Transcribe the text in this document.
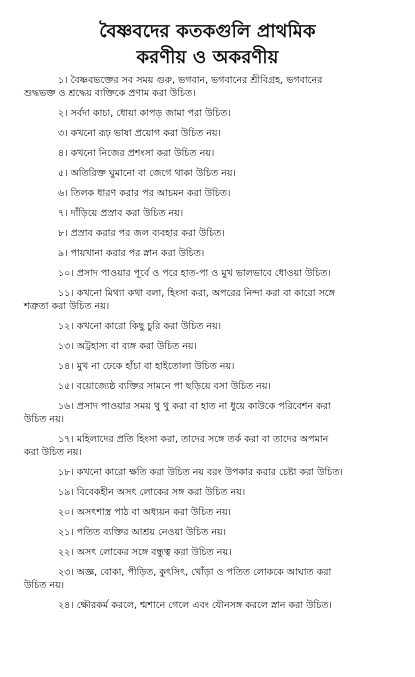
বৈষ্ণবদের কতকগুলি প্রাথমিক
করণীয় ও অকরণীয়
১। বৈষ্ণবভক্তের সব সময় গুরু, ভগবান, ভগবানের শ্রীবিগ্রহ, ভগবানের
শুদ্ধভক্ত ও শ্রদ্ধেয় ব্যক্তিকে প্রণাম করা উচিত।
২। সর্বদা কাচা, ধোয়া কাপড় জামা পরা উচিত।
৩। কখনো রূঢ় ভাষা প্রয়োগ করা উচিত নয়।
৪। কখনো নিজের প্রশংসা করা উচিত নয়।
৫। অতিরিক্ত ঘুমানো বা জেগে থাকা উচিত নয়।
৬। তিলক ধারণ করার পর আচমন করা উচিত।
৭। দাঁড়িয়ে প্রস্রাব করা উচিত নয়।
৮। প্রস্রাব করার পর জল ব্যবহার করা উচিত।
৯। পায়খানা করার পর স্নান করা উচিত।
১০। প্রসাদ পাওয়ার পূর্বে ও পরে হাত-পা ও মুখ ভালভাবে ধোওয়া উচিত।
১১। কখনো মিথ্যা কথা বলা, হিংসা করা, অপরের নিন্দা করা বা কারো সঙ্গে
শত্রুতা করা উচিত নয়।
১২। কখনো কারো কিছু চুরি করা উচিত নয়।
১৩। অট্টহাস্য বা ব্যঙ্গ করা উচিত নয়।
১৪। মুখ না ঢেকে হাঁচা বা হাইতোলা উচিত নয়।
১৫। বয়োজ্যেষ্ঠ ব্যক্তির সামনে পা ছড়িয়ে বসা উচিত নয়।
১৬। প্রসাদ পাওয়ার সময় থু থু করা বা হাত না ধুয়ে কাউকে পরিবেশন করা
উচিত নয়।
১৭। মহিলাদের প্রতি হিংসা করা, তাদের সঙ্গে তর্ক করা বা তাদের অপমান
করা উচিত নয়।
১৮। কখনো কারো ক্ষতি করা উচিত নয় বরং উপকার করার চেষ্টা করা উচিত।
১৯। বিবেকহীন অসৎ লোকের সঙ্গ করা উচিত নয়।
২০। অসৎশাস্ত্র পাঠ বা অধ্যয়ন করা উচিত নয়।
২১। পতিত ব্যক্তির আশ্রয় নেওয়া উচিত নয়।
২২। অসৎ লোকের সঙ্গে বন্ধুত্ব করা উচিত নয়।
২৩। অজ্ঞ, বোকা, পীড়িত, কুৎসিৎ, খোঁড়া ও পতিত লোককে আঘাত করা
উচিত নয়।
২৪। ক্ষৌরকর্ম করলে, শ্মশানে গেলে এবং যৌনসঙ্গ করলে স্নান করা উচিত।
